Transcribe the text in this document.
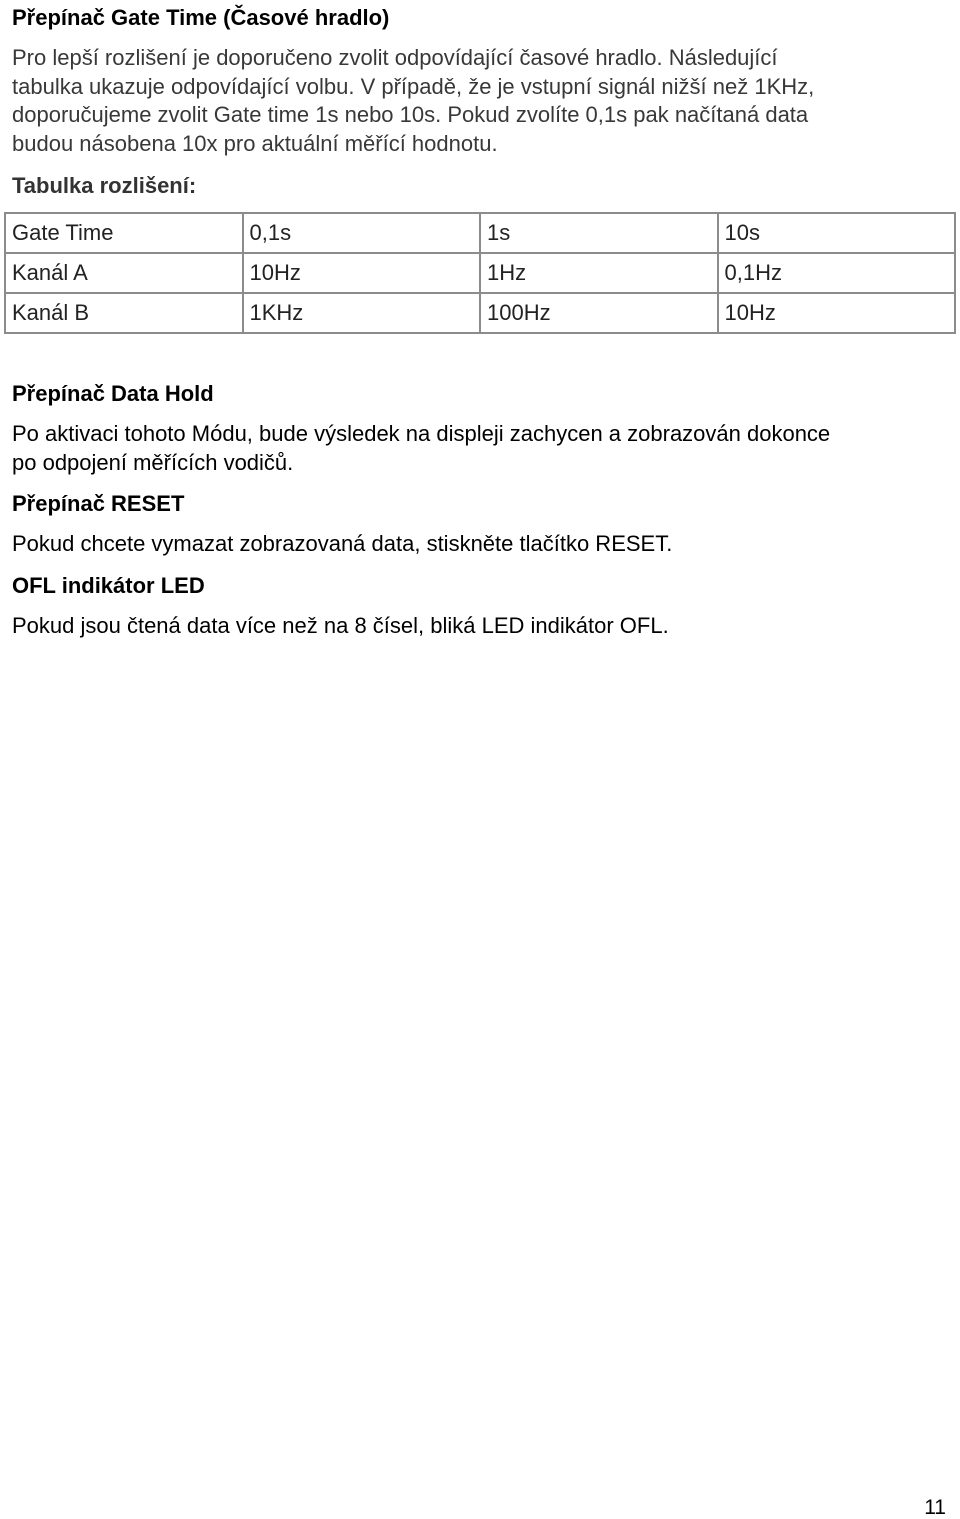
Přepínač Gate Time (Časové hradlo)
Pro lepší rozlišení je doporučeno zvolit odpovídající časové hradlo. Následující
tabulka ukazuje odpovídající volbu. V případě, že je vstupní signál nižší než 1KHz,
doporučujeme zvolit Gate time 1s nebo 10s. Pokud zvolíte 0,1s pak načítaná data
budou násobena 10x pro aktuální měřící hodnotu.
Tabulka rozlišení:
Gate Time	0,1s	1s	10s
Kanál A	10Hz	1Hz	0,1Hz
Kanál B	1KHz	100Hz	10Hz
Přepínač Data Hold
Po aktivaci tohoto Módu, bude výsledek na displeji zachycen a zobrazován dokonce
po odpojení měřících vodičů.
Přepínač RESET
Pokud chcete vymazat zobrazovaná data, stiskněte tlačítko RESET.
OFL indikátor LED
Pokud jsou čtená data více než na 8 čísel, bliká LED indikátor OFL.
11
